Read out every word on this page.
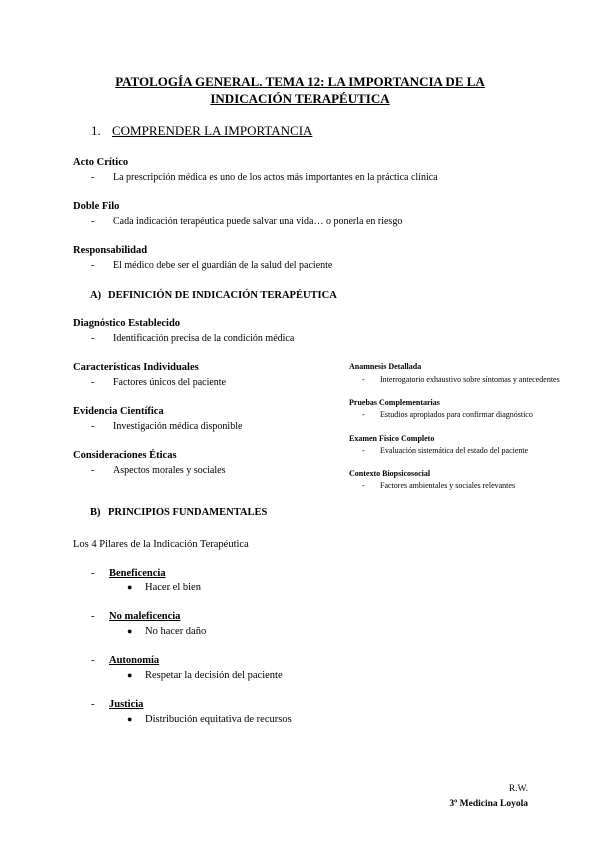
PATOLOGÍA GENERAL. TEMA 12: LA IMPORTANCIA DE LA
INDICACIÓN TERAPÉUTICA
1. COMPRENDER LA IMPORTANCIA
Acto Crítico
- La prescripción médica es uno de los actos más importantes en la práctica clínica
Doble Filo
- Cada indicación terapéutica puede salvar una vida… o ponerla en riesgo
Responsabilidad
- El médico debe ser el guardián de la salud del paciente
A) DEFINICIÓN DE INDICACIÓN TERAPÉUTICA
Diagnóstico Establecido
- Identificación precisa de la condición médica
Características Individuales
- Factores únicos del paciente
Evidencia Científica
- Investigación médica disponible
Consideraciones Éticas
- Aspectos morales y sociales
Anamnesis Detallada
- Interrogatorio exhaustivo sobre síntomas y antecedentes
Pruebas Complementarias
- Estudios apropiados para confirmar diagnóstico
Examen Físico Completo
- Evaluación sistemática del estado del paciente
Contexto Biopsicosocial
- Factores ambientales y sociales relevantes
B) PRINCIPIOS FUNDAMENTALES
Los 4 Pilares de la Indicación Terapéutica
- Beneficencia
● Hacer el bien
- No maleficencia
● No hacer daño
- Autonomía
● Respetar la decisión del paciente
- Justicia
● Distribución equitativa de recursos
R.W.
3º Medicina Loyola
